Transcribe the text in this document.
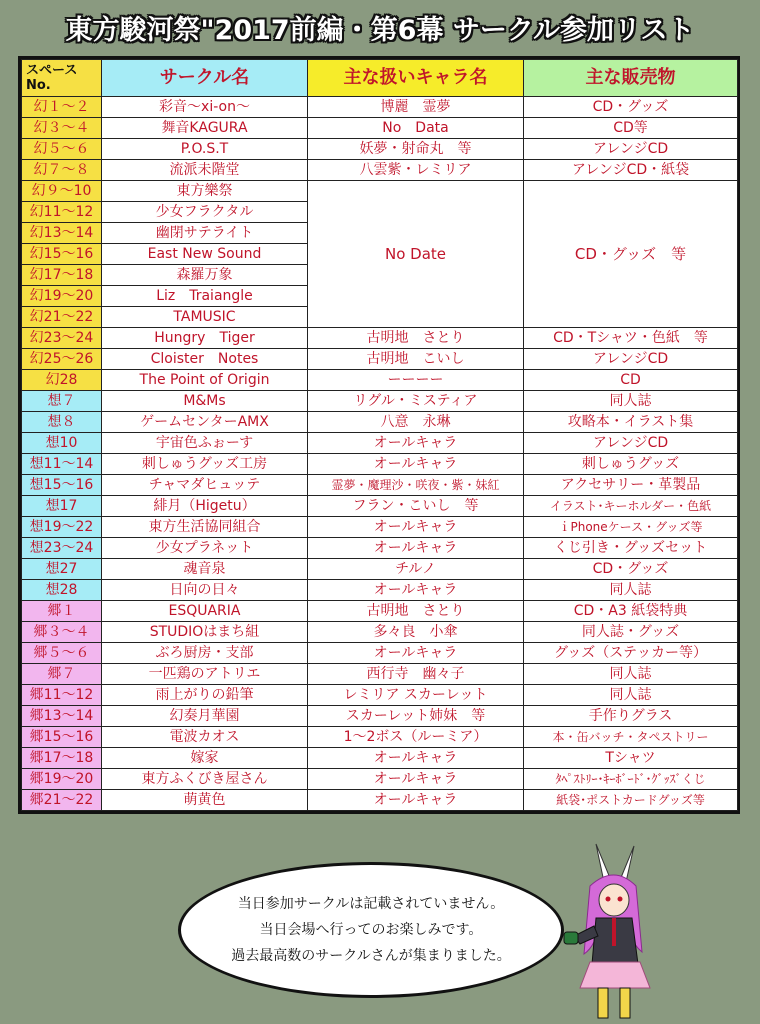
東方駿河祭"2017前編・第6幕 サークル参加リスト
スペース
No.	サークル名	主な扱いキャラ名	主な販売物
幻１～２	彩音～xi-on～	博麗　霊夢	CD・グッズ
幻３～４	舞音KAGURA	No　Data	CD等
幻５～６	P.O.S.T	妖夢・射命丸　等	アレンジCD
幻７～８	流派未階堂	八雲紫・レミリア	アレンジCD・紙袋
幻９～10	東方樂祭	No Date	CD・グッズ　等
幻11～12	少女フラクタル		
幻13～14	幽閉サテライト		
幻15～16	East New Sound		
幻17～18	森羅万象		
幻19～20	Liz　Traiangle		
幻21～22	TAMUSIC		
幻23～24	Hungry　Tiger	古明地　さとり	CD・Tシャツ・色紙　等
幻25～26	Cloister　Notes	古明地　こいし	アレンジCD
幻28	The Point of Origin	ーーーー	CD
想７	M&Ms	リグル・ミスティア	同人誌
想８	ゲームセンターAMX	八意　永琳	攻略本・イラスト集
想10	宇宙色ふぉーす	オールキャラ	アレンジCD
想11～14	刺しゅうグッズ工房	オールキャラ	刺しゅうグッズ
想15～16	チャマダヒュッテ	霊夢・魔理沙・咲夜・紫・妹紅	アクセサリー・革製品
想17	緋月（Higetu）	フラン・こいし　等	イラスト･キーホルダー・色紙
想19～22	東方生活協同組合	オールキャラ	ｉPhoneケース・グッズ等
想23～24	少女プラネット	オールキャラ	くじ引き・グッズセット
想27	魂音泉	チルノ	CD・グッズ
想28	日向の日々	オールキャラ	同人誌
郷１	ESQUARIA	古明地　さとり	CD・A3 紙袋特典
郷３～４	STUDIOはまち組	多々良　小傘	同人誌・グッズ
郷５～６	ぶろ厨房・支部	オールキャラ	グッズ（ステッカー等）
郷７	一匹鶏のアトリエ	西行寺　幽々子	同人誌
郷11～12	雨上がりの鉛筆	レミリア スカーレット	同人誌
郷13～14	幻奏月華園	スカーレット姉妹　等	手作りグラス
郷15～16	電波カオス	1～2ボス（ルーミア）	本・缶バッチ・タペストリー
郷17～18	嫁家	オールキャラ	Tシャツ
郷19～20	東方ふくびき屋さん	オールキャラ	ﾀﾍﾟｽﾄﾘｰ･ｷｰﾎﾞｰﾄﾞ･ｸﾞｯｽﾞくじ
郷21～22	萌黄色	オールキャラ	紙袋･ポストカードグッズ等
当日参加サークルは記載されていません。
当日会場へ行ってのお楽しみです。
過去最高数のサークルさんが集まりました。
